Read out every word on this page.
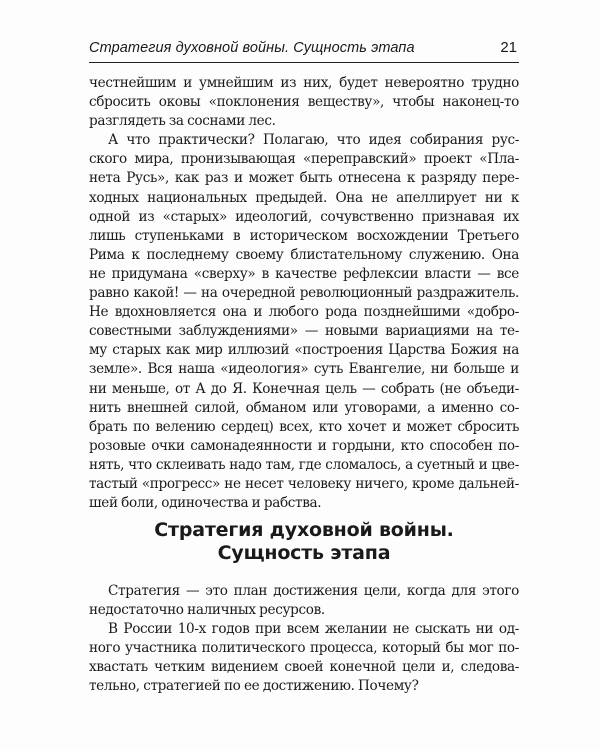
Стратегия духовной войны. Сущность этапа	21
честнейшим и умнейшим из них, будет невероятно трудно
сбросить оковы «поклонения веществу», чтобы наконец-то
разглядеть за соснами лес.
А что практически? Полагаю, что идея собирания рус-
ского мира, пронизывающая «переправский» проект «Пла-
нета Русь», как раз и может быть отнесена к разряду пере-
ходных национальных предыдей. Она не апеллирует ни к
одной из «старых» идеологий, сочувственно признавая их
лишь ступеньками в историческом восхождении Третьего
Рима к последнему своему блистательному служению. Она
не придумана «сверху» в качестве рефлексии власти — все
равно какой! — на очередной революционный раздражитель.
Не вдохновляется она и любого рода позднейшими «добро-
совестными заблуждениями» — новыми вариациями на те-
му старых как мир иллюзий «построения Царства Божия на
земле». Вся наша «идеология» суть Евангелие, ни больше и
ни меньше, от А до Я. Конечная цель — собрать (не объеди-
нить внешней силой, обманом или уговорами, а именно со-
брать по велению сердец) всех, кто хочет и может сбросить
розовые очки самонадеянности и гордыни, кто способен по-
нять, что склеивать надо там, где сломалось, а суетный и цве-
тастый «прогресс» не несет человеку ничего, кроме дальней-
шей боли, одиночества и рабства.
Стратегия духовной войны.
Сущность этапа
Стратегия — это план достижения цели, когда для этого
недостаточно наличных ресурсов.
В России 10-х годов при всем желании не сыскать ни од-
ного участника политического процесса, который бы мог по-
хвастать четким видением своей конечной цели и, следова-
тельно, стратегией по ее достижению. Почему?
